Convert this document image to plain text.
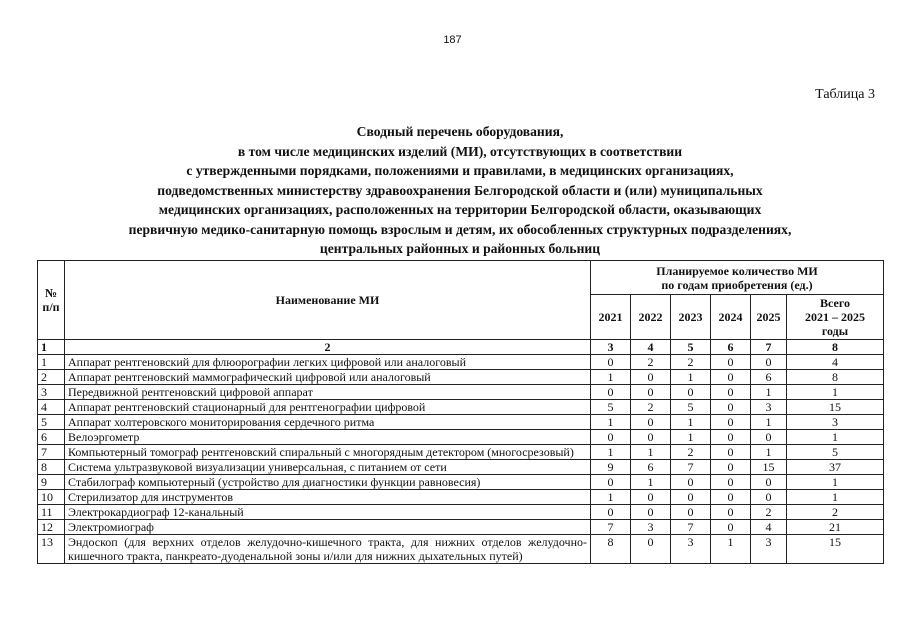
187
Таблица 3
Сводный перечень оборудования,
в том числе медицинских изделий (МИ), отсутствующих в соответствии
с утвержденными порядками, положениями и правилами, в медицинских организациях,
подведомственных министерству здравоохранения Белгородской области и (или) муниципальных
медицинских организациях, расположенных на территории Белгородской области, оказывающих
первичную медико-санитарную помощь взрослым и детям, их обособленных структурных подразделениях,
центральных районных и районных больниц
№
п/п	Наименование МИ	Планируемое количество МИ
по годам приобретения (ед.)					
		2021	2022	2023	2024	2025	Всего
2021 – 2025
годы
1	2	3	4	5	6	7	8
1	Аппарат рентгеновский для флюорографии легких цифровой или аналоговый	0	2	2	0	0	4
2	Аппарат рентгеновский маммографический цифровой или аналоговый	1	0	1	0	6	8
3	Передвижной рентгеновский цифровой аппарат	0	0	0	0	1	1
4	Аппарат рентгеновский стационарный для рентгенографии цифровой	5	2	5	0	3	15
5	Аппарат холтеровского мониторирования сердечного ритма	1	0	1	0	1	3
6	Велоэргометр	0	0	1	0	0	1
7	Компьютерный томограф рентгеновский спиральный с многорядным детектором (многосрезовый)	1	1	2	0	1	5
8	Система ультразвуковой визуализации универсальная, с питанием от сети	9	6	7	0	15	37
9	Стабилограф компьютерный (устройство для диагностики функции равновесия)	0	1	0	0	0	1
10	Стерилизатор для инструментов	1	0	0	0	0	1
11	Электрокардиограф 12-канальный	0	0	0	0	2	2
12	Электромиограф	7	3	7	0	4	21
13	Эндоскоп (для верхних отделов желудочно-кишечного тракта, для нижних отделов желудочно-кишечного тракта, панкреато-дуоденальной зоны и/или для нижних дыхательных путей)	8	0	3	1	3	15
